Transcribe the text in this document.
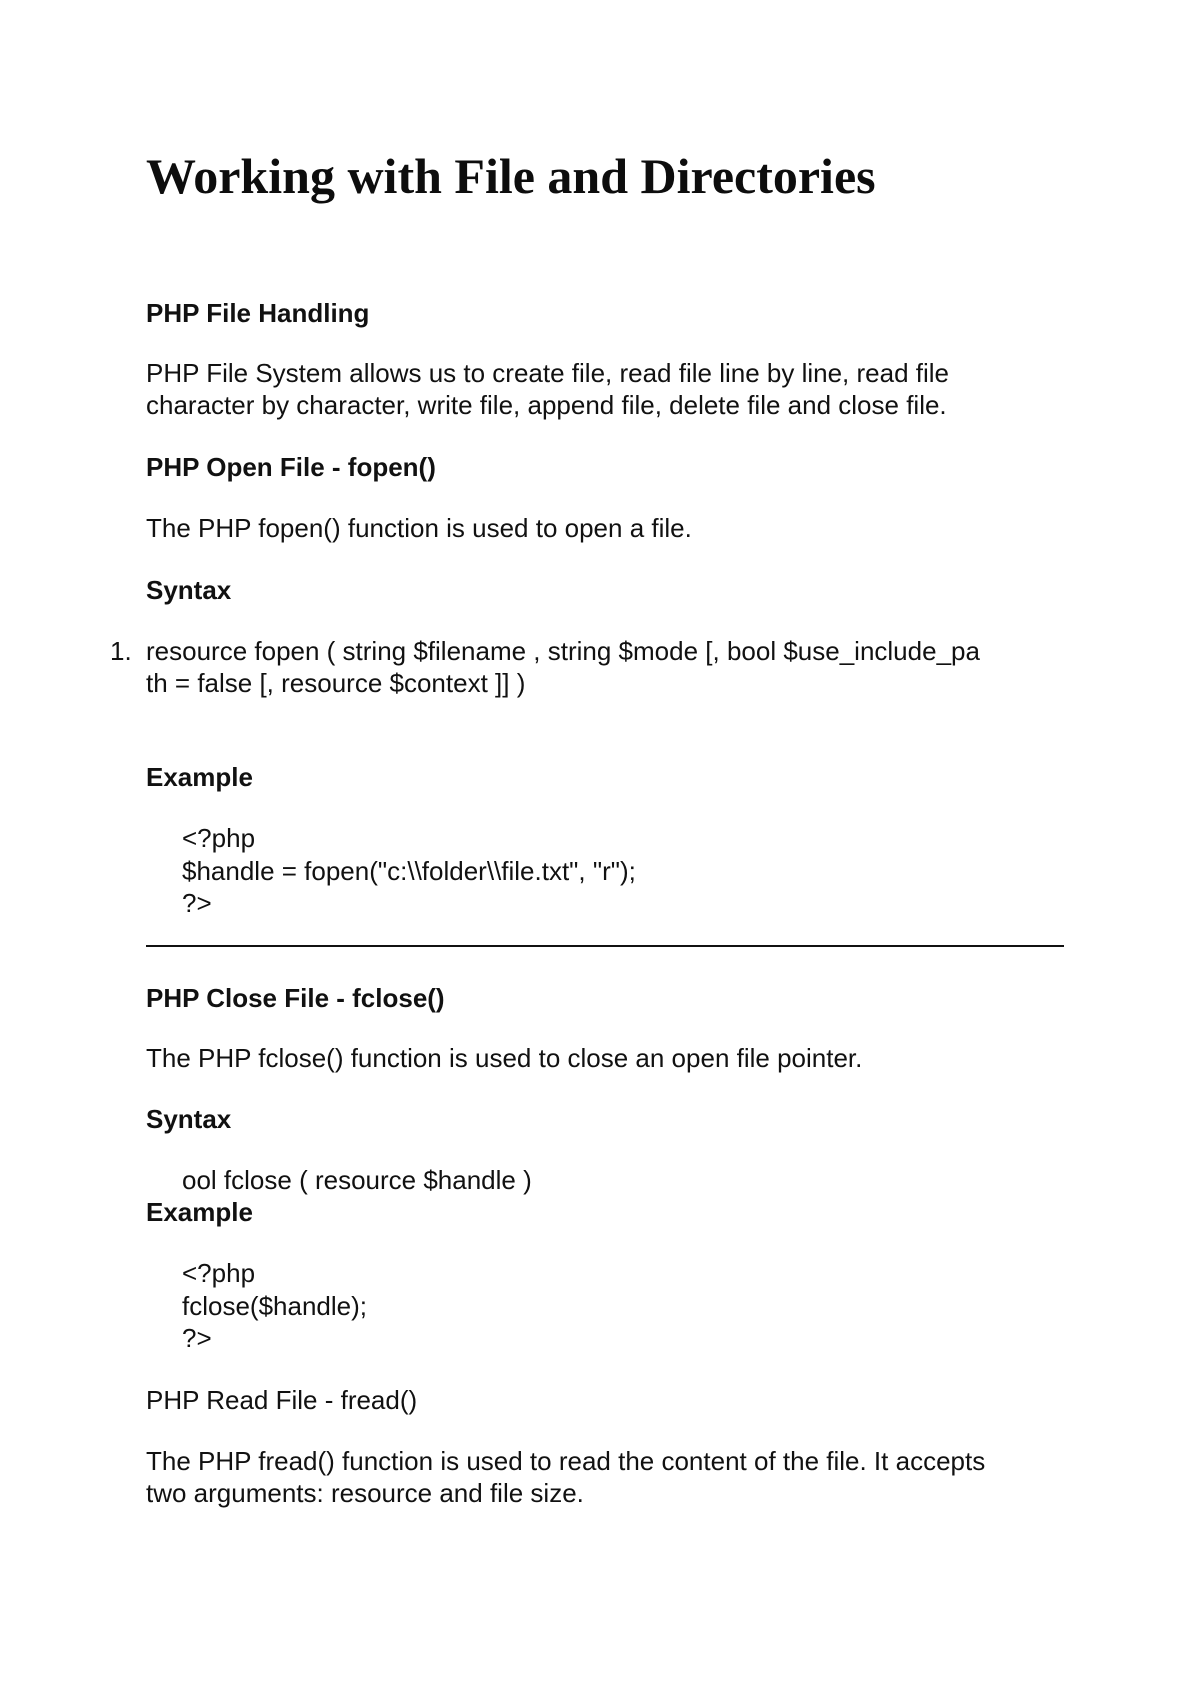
Working with File and Directories
PHP File Handling
PHP File System allows us to create file, read file line by line, read file
character by character, write file, append file, delete file and close file.
PHP Open File - fopen()
The PHP fopen() function is used to open a file.
Syntax
1. resource fopen ( string $filename , string $mode [, bool $use_include_pa
th = false [, resource $context ]] )
Example
<?php
$handle = fopen("c:\\folder\\file.txt", "r");
?>
PHP Close File - fclose()
The PHP fclose() function is used to close an open file pointer.
Syntax
ool fclose ( resource $handle )
Example
<?php
fclose($handle);
?>
PHP Read File - fread()
The PHP fread() function is used to read the content of the file. It accepts
two arguments: resource and file size.
